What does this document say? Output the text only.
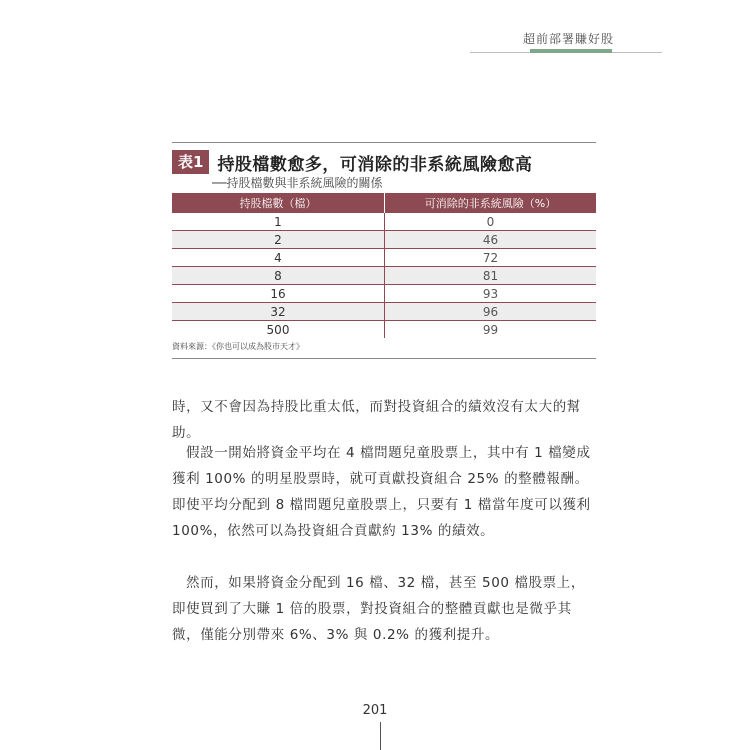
超前部署賺好股
表1 持股檔數愈多，可消除的非系統風險愈高
──持股檔數與非系統風險的關係
持股檔數（檔）	可消除的非系統風險（%）
1	0
2	46
4	72
8	81
16	93
32	96
500	99
資料來源：《你也可以成為股市天才》

時，又不會因為持股比重太低，而對投資組合的績效沒有太大的幫助。

假設一開始將資金平均在 4 檔問題兒童股票上，其中有 1 檔變成獲利 100% 的明星股票時，就可貢獻投資組合 25% 的整體報酬。即使平均分配到 8 檔問題兒童股票上，只要有 1 檔當年度可以獲利 100%，依然可以為投資組合貢獻約 13% 的績效。

然而，如果將資金分配到 16 檔、32 檔，甚至 500 檔股票上，即使買到了大賺 1 倍的股票，對投資組合的整體貢獻也是微乎其微，僅能分別帶來 6%、3% 與 0.2% 的獲利提升。

201
